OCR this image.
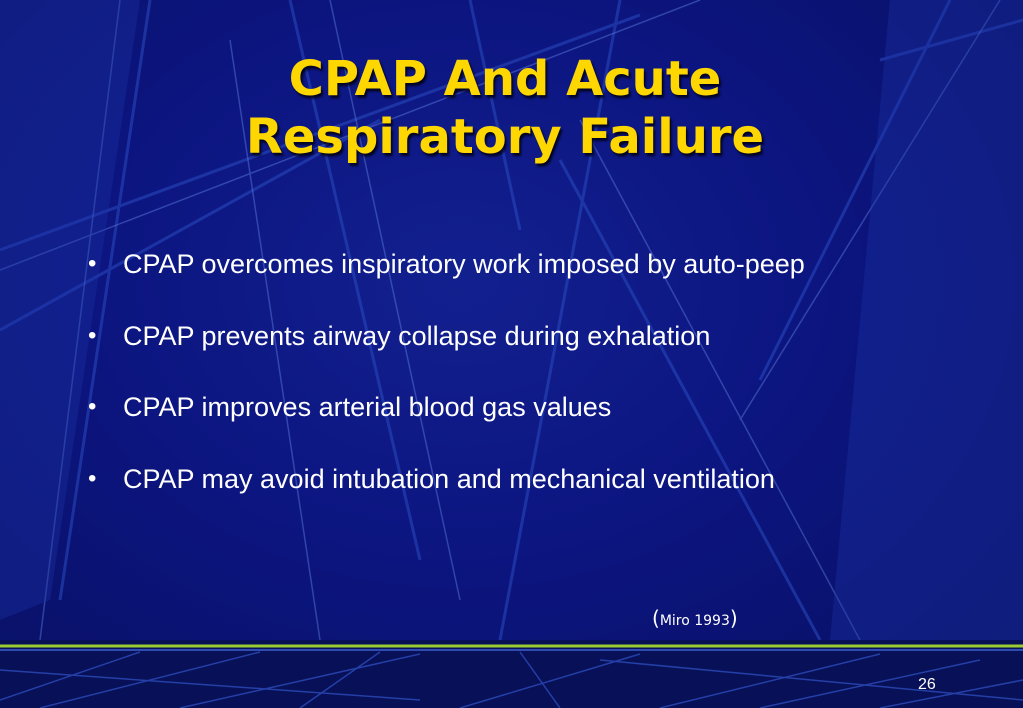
CPAP And Acute
Respiratory Failure
• CPAP overcomes inspiratory work imposed by auto-peep
• CPAP prevents airway collapse during exhalation
• CPAP improves arterial blood gas values
• CPAP may avoid intubation and mechanical ventilation
(Miro 1993)
26
